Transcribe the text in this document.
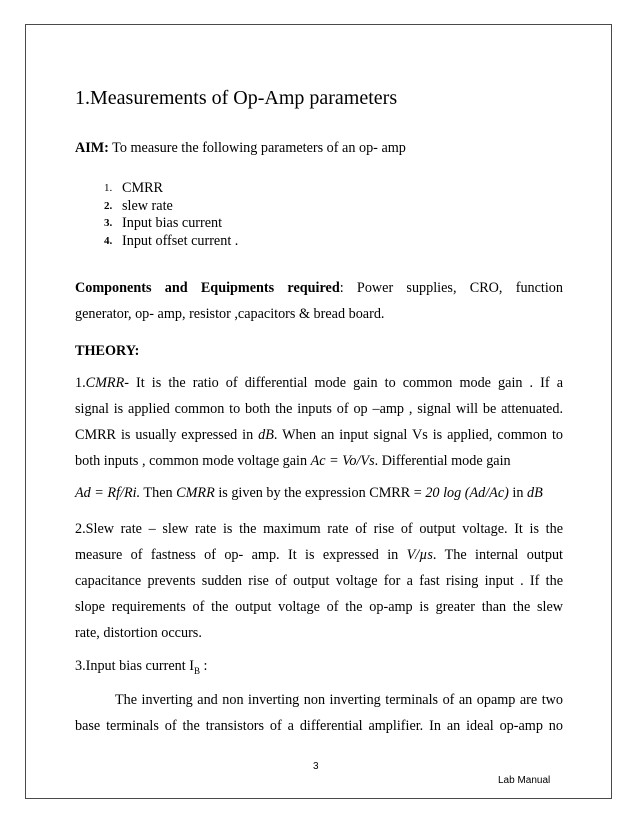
1.Measurements of Op-Amp parameters
AIM: To measure the following parameters of an op- amp
1. CMRR
2. slew rate
3. Input bias current
4. Input offset current .
Components and Equipments required: Power supplies, CRO, function
generator, op- amp, resistor ,capacitors & bread board.
THEORY:
1.CMRR- It is the ratio of differential mode gain to common mode gain . If a
signal is applied common to both the inputs of op –amp , signal will be attenuated.
CMRR is usually expressed in dB. When an input signal Vs is applied, common to
both inputs , common mode voltage gain Ac = Vo/Vs. Differential mode gain
Ad = Rf/Ri. Then CMRR is given by the expression CMRR = 20 log (Ad/Ac) in dB
2.Slew rate – slew rate is the maximum rate of rise of output voltage. It is the
measure of fastness of op- amp. It is expressed in V/µs. The internal output
capacitance prevents sudden rise of output voltage for a fast rising input . If the
slope requirements of the output voltage of the op-amp is greater than the slew
rate, distortion occurs.
3.Input bias current $I_B$ :
The inverting and non inverting non inverting terminals of an opamp are two
base terminals of the transistors of a differential amplifier. In an ideal op-amp no
3
Lab Manual
